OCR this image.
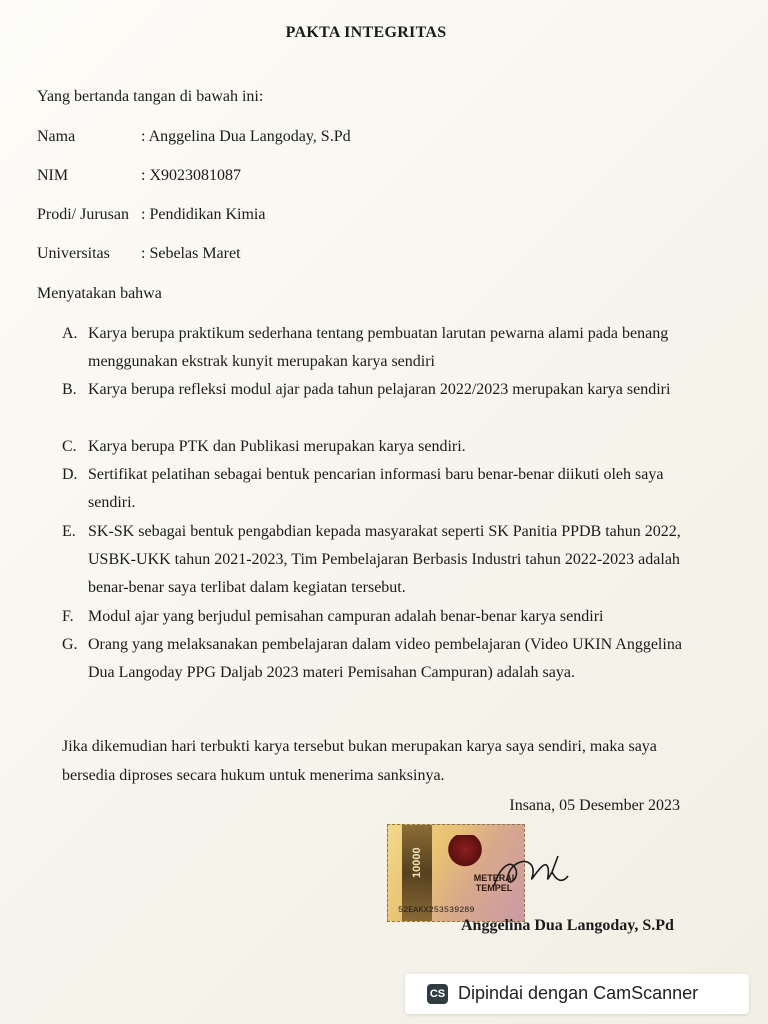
PAKTA INTEGRITAS
Yang bertanda tangan di bawah ini:
Nama	: Anggelina Dua Langoday, S.Pd
NIM	: X9023081087
Prodi/ Jurusan : Pendidikan Kimia
Universitas : Sebelas Maret
Menyatakan bahwa
A. Karya berupa praktikum sederhana tentang pembuatan larutan pewarna alami pada benang menggunakan ekstrak kunyit merupakan karya sendiri
B. Karya berupa refleksi modul ajar pada tahun pelajaran 2022/2023 merupakan karya sendiri
C. Karya berupa PTK dan Publikasi merupakan karya sendiri.
D. Sertifikat pelatihan sebagai bentuk pencarian informasi baru benar-benar diikuti oleh saya sendiri.
E. SK-SK sebagai bentuk pengabdian kepada masyarakat seperti SK Panitia PPDB tahun 2022, USBK-UKK tahun 2021-2023, Tim Pembelajaran Berbasis Industri tahun 2022-2023 adalah benar-benar saya terlibat dalam kegiatan tersebut.
F. Modul ajar yang berjudul pemisahan campuran adalah benar-benar karya sendiri
G. Orang yang melaksanakan pembelajaran dalam video pembelajaran (Video UKIN Anggelina Dua Langoday PPG Daljab 2023 materi Pemisahan Campuran) adalah saya.
Jika dikemudian hari terbukti karya tersebut bukan merupakan karya saya sendiri, maka saya bersedia diproses secara hukum untuk menerima sanksinya.
Insana, 05 Desember 2023
10000	METERAI
TEMPEL
52EAKX253539289
Anggelina Dua Langoday, S.Pd
CS Dipindai dengan CamScanner
